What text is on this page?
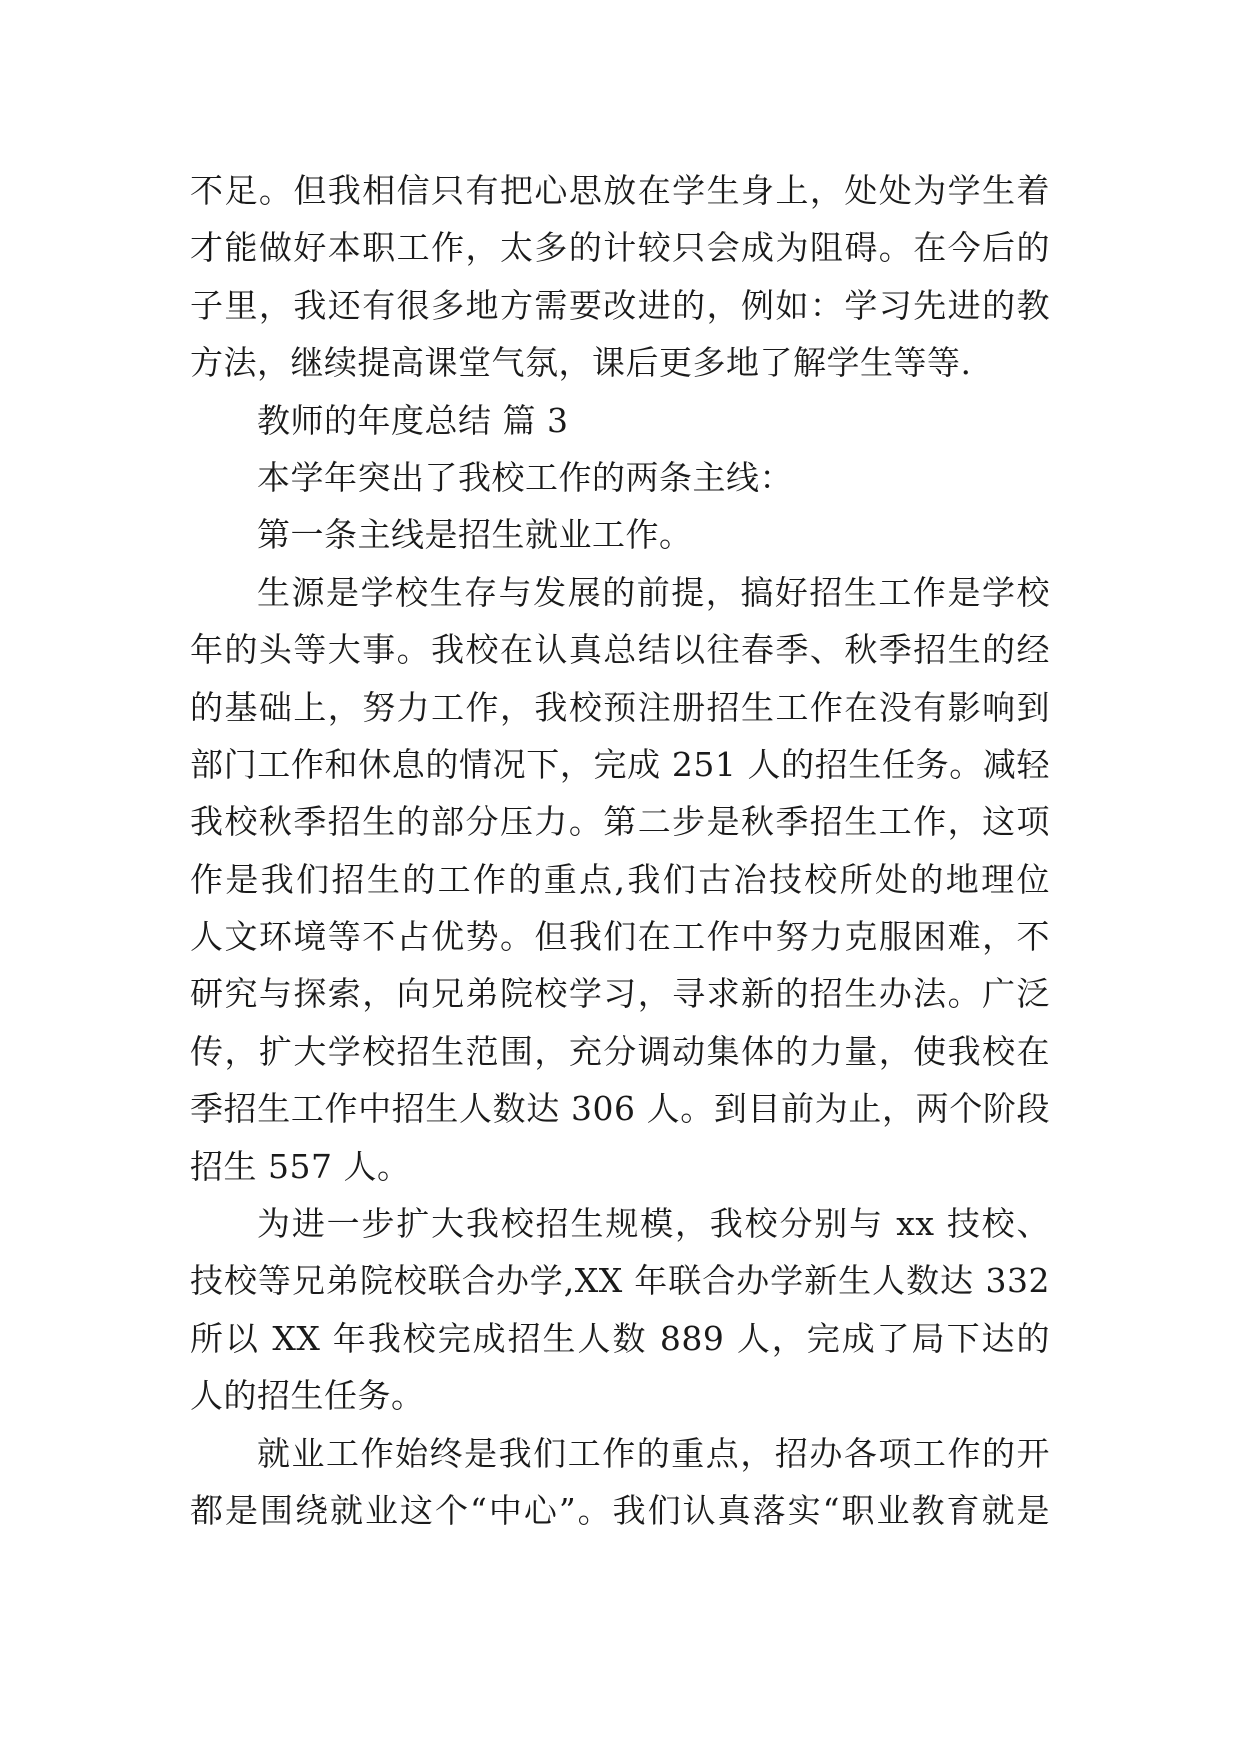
不足。但我相信只有把心思放在学生身上，处处为学生着
才能做好本职工作，太多的计较只会成为阻碍。在今后的
子里，我还有很多地方需要改进的，例如：学习先进的教
方法，继续提高课堂气氛，课后更多地了解学生等等.
教师的年度总结 篇 3
本学年突出了我校工作的两条主线：
第一条主线是招生就业工作。
生源是学校生存与发展的前提，搞好招生工作是学校
年的头等大事。我校在认真总结以往春季、秋季招生的经
的基础上，努力工作，我校预注册招生工作在没有影响到
部门工作和休息的情况下，完成 251 人的招生任务。减轻
我校秋季招生的部分压力。第二步是秋季招生工作，这项
作是我们招生的工作的重点,我们古冶技校所处的地理位
人文环境等不占优势。但我们在工作中努力克服困难，不
研究与探索，向兄弟院校学习，寻求新的招生办法。广泛
传，扩大学校招生范围，充分调动集体的力量，使我校在
季招生工作中招生人数达 306 人。到目前为止，两个阶段
招生 557 人。
为进一步扩大我校招生规模，我校分别与 xx 技校、
技校等兄弟院校联合办学,XX 年联合办学新生人数达 332
所以 XX 年我校完成招生人数 889 人，完成了局下达的
人的招生任务。
就业工作始终是我们工作的重点，招办各项工作的开
都是围绕就业这个“中心”。我们认真落实“职业教育就是
